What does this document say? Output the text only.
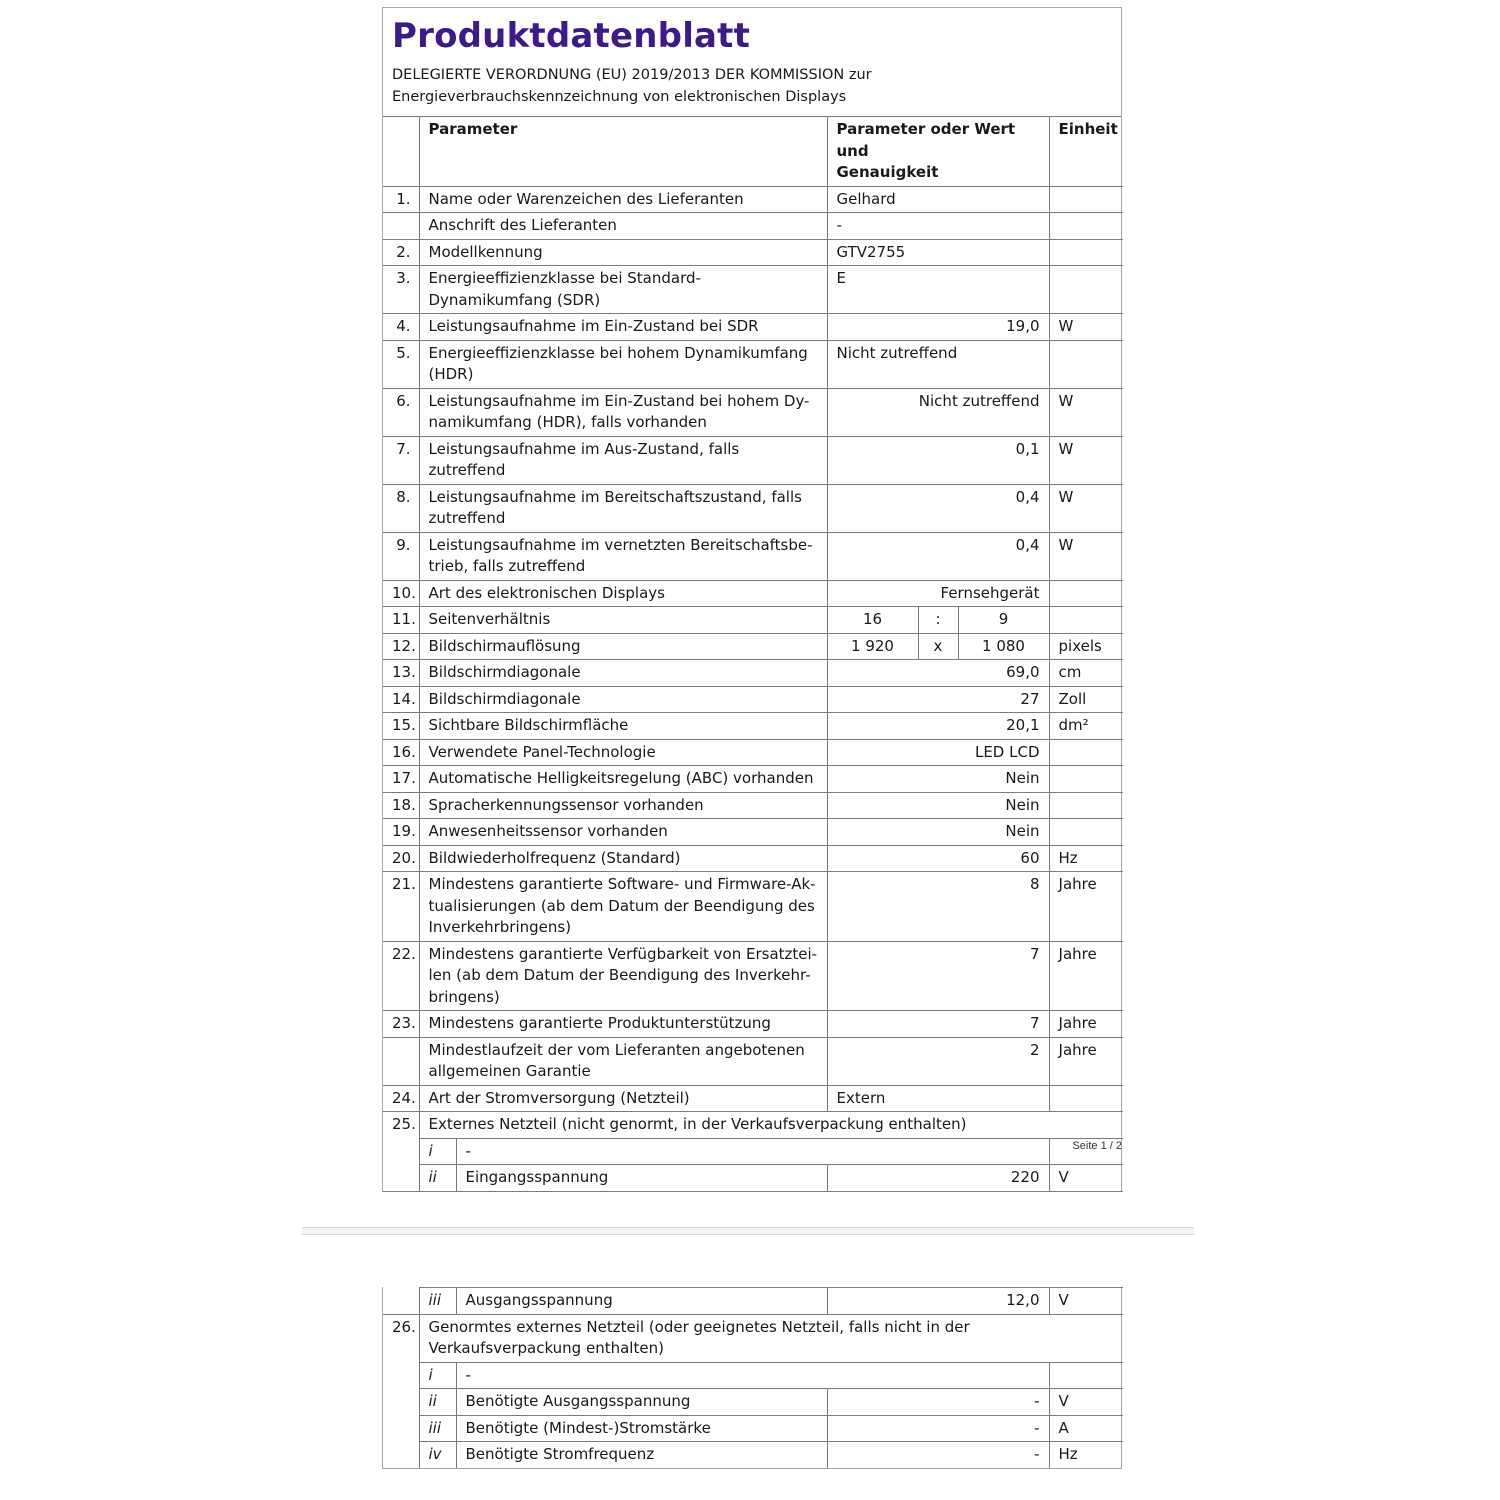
Produktdatenblatt
DELEGIERTE VERORDNUNG (EU) 2019/2013 DER KOMMISSION zur
Energieverbrauchskennzeichnung von elektronischen Displays
	Parameter		Parameter oder Wert und
Genauigkeit			Einheit
1.	Name oder Warenzeichen des Lieferanten		Gelhard			
	Anschrift des Lieferanten		-			
2.	Modellkennung		GTV2755			
3.	Energieeffizienzklasse bei Standard-Dynamikumfang (SDR)		E			
4.	Leistungsaufnahme im Ein-Zustand bei SDR		19,0			W
5.	Energieeffizienzklasse bei hohem Dynamikumfang (HDR)		Nicht zutreffend			
6.	Leistungsaufnahme im Ein-Zustand bei hohem Dy-namikumfang (HDR), falls vorhanden		Nicht zutreffend			W
7.	Leistungsaufnahme im Aus-Zustand, falls zutreffend		0,1			W
8.	Leistungsaufnahme im Bereitschaftszustand, falls zutreffend		0,4			W
9.	Leistungsaufnahme im vernetzten Bereitschaftsbe-trieb, falls zutreffend		0,4			W
10.	Art des elektronischen Displays		Fernsehgerät			
11.	Seitenverhältnis		16	:	9	
12.	Bildschirmauflösung		1 920	x	1 080	pixels
13.	Bildschirmdiagonale		69,0			cm
14.	Bildschirmdiagonale		27			Zoll
15.	Sichtbare Bildschirmfläche		20,1			dm²
16.	Verwendete Panel-Technologie		LED LCD			
17.	Automatische Helligkeitsregelung (ABC) vorhanden		Nein			
18.	Spracherkennungssensor vorhanden		Nein			
19.	Anwesenheitssensor vorhanden		Nein			
20.	Bildwiederholfrequenz (Standard)		60			Hz
21.	Mindestens garantierte Software- und Firmware-Ak-tualisierungen (ab dem Datum der Beendigung des Inverkehrbringens)		8			Jahre
22.	Mindestens garantierte Verfügbarkeit von Ersatztei-len (ab dem Datum der Beendigung des Inverkehr-bringens)		7			Jahre
23.	Mindestens garantierte Produktunterstützung		7			Jahre
	Mindestlaufzeit der vom Lieferanten angebotenen allgemeinen Garantie		2			Jahre
24.	Art der Stromversorgung (Netzteil)		Extern			
25.	Externes Netzteil (nicht genormt, in der Verkaufsverpackung enthalten)					
	i	-				
	ii	Eingangsspannung	220			V
Seite 1 / 2
	iii	Ausgangsspannung	12,0	V
26.	Genormtes externes Netzteil (oder geeignetes Netzteil, falls nicht in der Verkaufsverpackung enthalten)			
	i	-		
	ii	Benötigte Ausgangsspannung	-	V
	iii	Benötigte (Mindest-)Stromstärke	-	A
	iv	Benötigte Stromfrequenz	-	Hz
